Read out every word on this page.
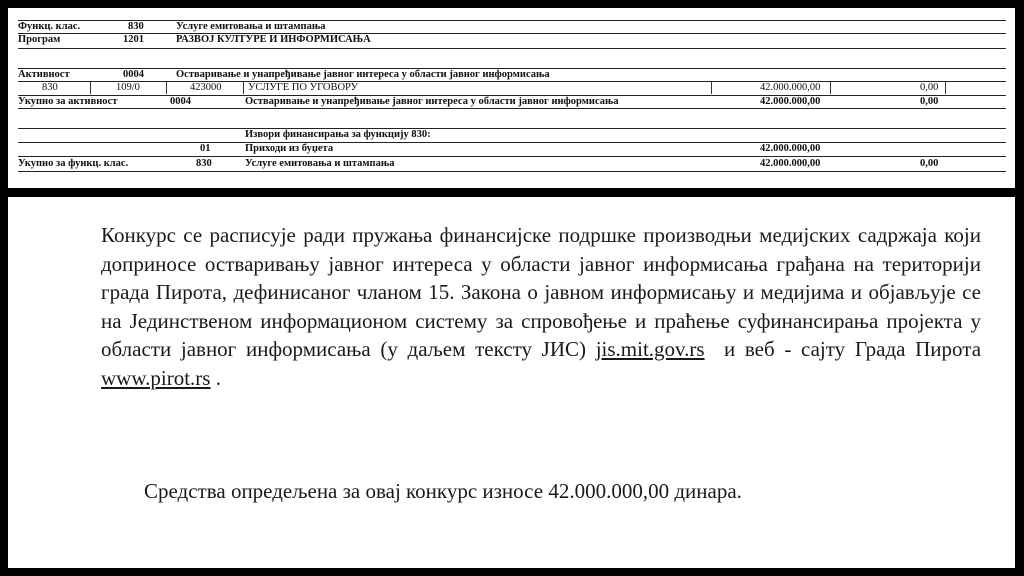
Функц. клас.	830	Услуге емитовања и штампања
Програм	1201	РАЗВОЈ КУЛТУРЕ И ИНФОРМИСАЊА
Активност	0004	Остваривање и унапређивање јавног интереса у области јавног информисања
830	109/0	423000	УСЛУГЕ ПО УГОВОРУ	42.000.000,00	0,00
Укупно за активност	0004	Остваривање и унапређивање јавног интереса у области јавног информисања	42.000.000,00	0,00
Извори финансирања за функцију 830:
01	Приходи из буџета	42.000.000,00
Укупно за функц. клас.	830	Услуге емитовања и штампања	42.000.000,00	0,00
Конкурс се расписује ради пружања финансијске подршке производњи медијских садржаја који доприносе остваривању јавног интереса у области јавног информисања грађана на територији града Пирота, дефинисаног чланом 15. Закона о јавном информисању и медијима и објављује се на Јединственом информационом систему за спровођење и праћење суфинансирања пројекта у области јавног информисања (у даљем тексту ЈИС) jis.mit.gov.rs и веб - сајту Града Пирота www.pirot.rs .
Средства опредељена за овај конкурс износе 42.000.000,00 динара.
